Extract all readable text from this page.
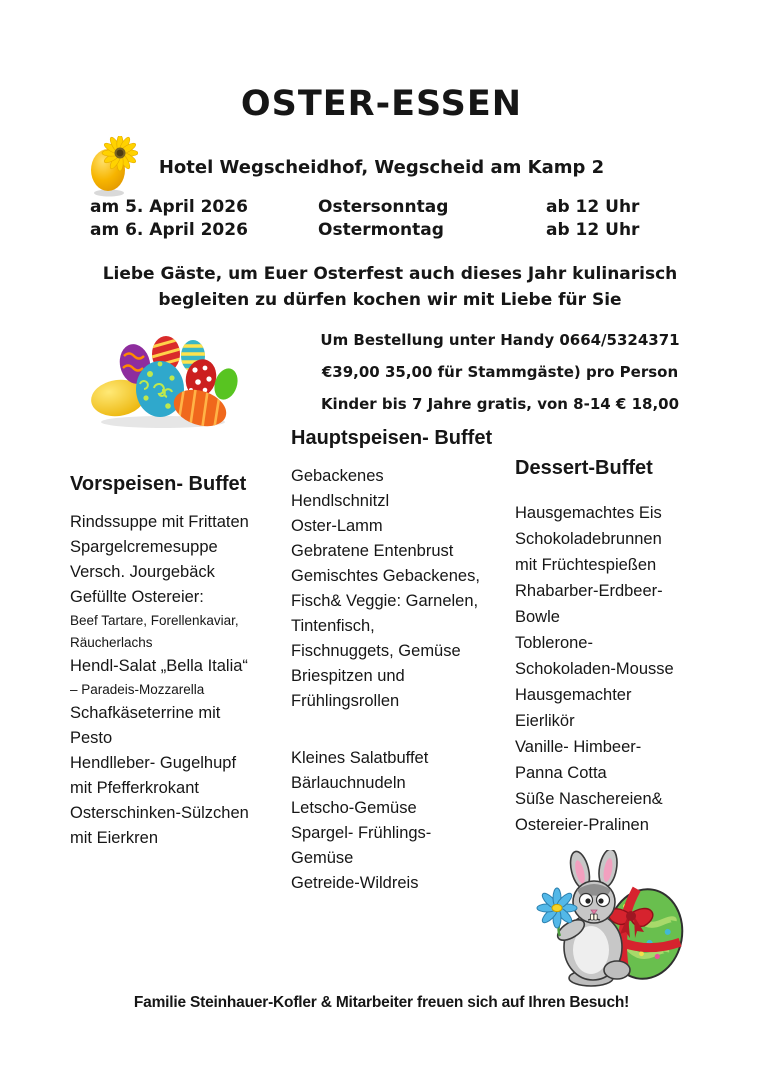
OSTER-ESSEN
Hotel Wegscheidhof, Wegscheid am Kamp 2
am 5. April 2026	Ostersonntag	ab 12 Uhr
am 6. April 2026	Ostermontag	ab 12 Uhr
Liebe Gäste, um Euer Osterfest auch dieses Jahr kulinarisch
begleiten zu dürfen kochen wir mit Liebe für Sie
Um Bestellung unter Handy 0664/5324371
€39,00 35,00 für Stammgäste) pro Person
Kinder bis 7 Jahre gratis, von 8-14 € 18,00
Vorspeisen- Buffet
Rindssuppe mit Frittaten
Spargelcremesuppe
Versch. Jourgebäck
Gefüllte Ostereier:
Beef Tartare, Forellenkaviar,
Räucherlachs
Hendl-Salat „Bella Italia“
– Paradeis-Mozzarella
Schafkäseterrine mit
Pesto
Hendlleber- Gugelhupf
mit Pfefferkrokant
Osterschinken-Sülzchen
mit Eierkren
Hauptspeisen- Buffet
Gebackenes
Hendlschnitzl
Oster-Lamm
Gebratene Entenbrust
Gemischtes Gebackenes,
Fisch& Veggie: Garnelen,
Tintenfisch,
Fischnuggets, Gemüse
Briespitzen und
Frühlingsrollen
Kleines Salatbuffet
Bärlauchnudeln
Letscho-Gemüse
Spargel- Frühlings-
Gemüse
Getreide-Wildreis
Dessert-Buffet
Hausgemachtes Eis
Schokoladebrunnen
mit Früchtespießen
Rhabarber-Erdbeer-
Bowle
Toblerone-
Schokoladen-Mousse
Hausgemachter
Eierlikör
Vanille- Himbeer-
Panna Cotta
Süße Naschereien&
Ostereier-Pralinen
Familie Steinhauer-Kofler & Mitarbeiter freuen sich auf Ihren Besuch!
